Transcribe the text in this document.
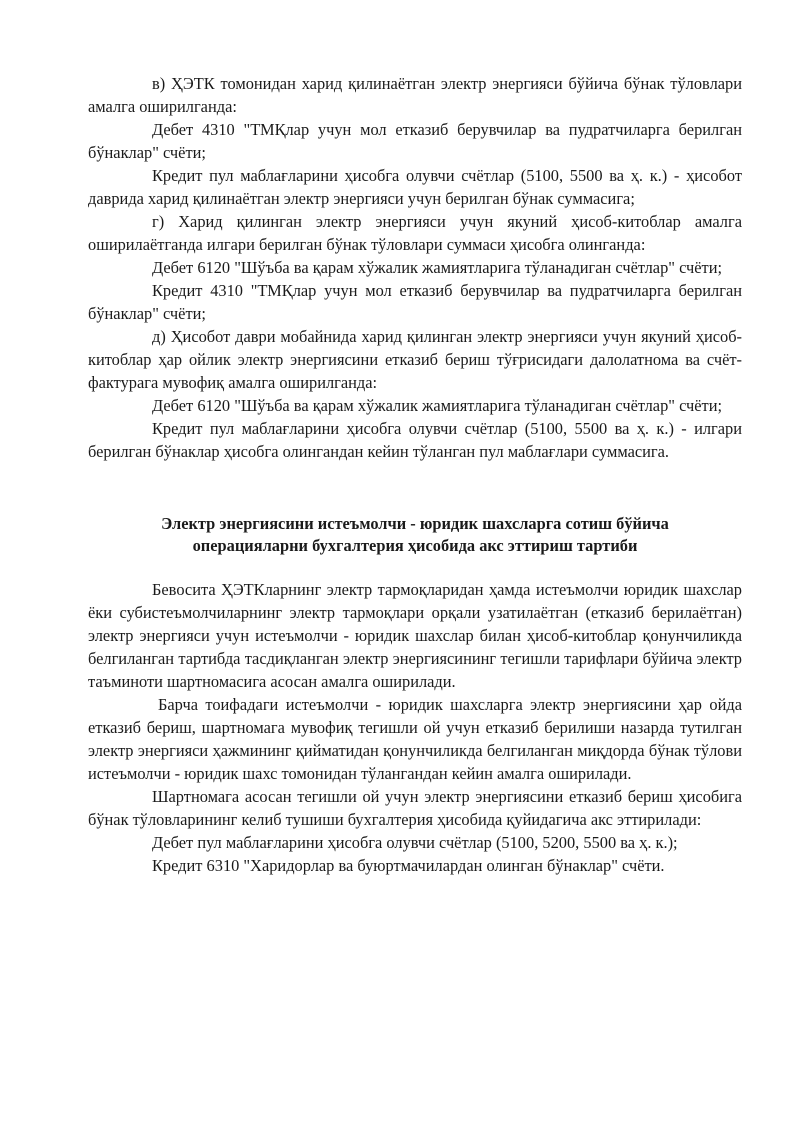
в) ҲЭТК томонидан харид қилинаётган электр энергияси бўйича бўнак тўловлари амалга оширилганда:

Дебет 4310 "ТМҚлар учун мол етказиб берувчилар ва пудратчиларга берилган бўнаклар" счёти;

Кредит пул маблағларини ҳисобга олувчи счётлар (5100, 5500 ва ҳ. к.) - ҳисобот даврида харид қилинаётган электр энергияси учун берилган бўнак суммасига;

г) Харид қилинган электр энергияси учун якуний ҳисоб-китоблар амалга оширилаётганда илгари берилган бўнак тўловлари суммаси ҳисобга олинганда:

Дебет 6120 "Шўъба ва қарам хўжалик жамиятларига тўланадиган счётлар" счёти;

Кредит 4310 "ТМҚлар учун мол етказиб берувчилар ва пудратчиларга берилган бўнаклар" счёти;

д) Ҳисобот даври мобайнида харид қилинган электр энергияси учун якуний ҳисоб-китоблар ҳар ойлик электр энергиясини етказиб бериш тўғрисидаги далолатнома ва счёт-фактурага мувофиқ амалга оширилганда:

Дебет 6120 "Шўъба ва қарам хўжалик жамиятларига тўланадиган счётлар" счёти;

Кредит пул маблағларини ҳисобга олувчи счётлар (5100, 5500 ва ҳ. к.) - илгари берилган бўнаклар ҳисобга олингандан кейин тўланган пул маблағлари суммасига.

Электр энергиясини истеъмолчи - юридик шахсларга сотиш бўйича

операцияларни бухгалтерия ҳисобида акс эттириш тартиби

Бевосита ҲЭТКларнинг электр тармоқларидан ҳамда истеъмолчи юридик шахслар ёки субистеъмолчиларнинг электр тармоқлари орқали узатилаётган (етказиб берилаётган) электр энергияси учун истеъмолчи - юридик шахслар билан ҳисоб-китоблар қонунчиликда белгиланган тартибда тасдиқланган электр энергиясининг тегишли тарифлари бўйича электр таъминоти шартномасига асосан амалга оширилади.

Барча тоифадаги истеъмолчи - юридик шахсларга электр энергиясини ҳар ойда етказиб бериш, шартномага мувофиқ тегишли ой учун етказиб берилиши назарда тутилган электр энергияси ҳажмининг қийматидан қонунчиликда белгиланган миқдорда бўнак тўлови истеъмолчи - юридик шахс томонидан тўлангандан кейин амалга оширилади.

Шартномага асосан тегишли ой учун электр энергиясини етказиб бериш ҳисобига бўнак тўловларининг келиб тушиши бухгалтерия ҳисобида қуйидагича акс эттирилади:

Дебет пул маблағларини ҳисобга олувчи счётлар (5100, 5200, 5500 ва ҳ. к.);

Кредит 6310 "Харидорлар ва буюртмачилардан олинган бўнаклар" счёти.
